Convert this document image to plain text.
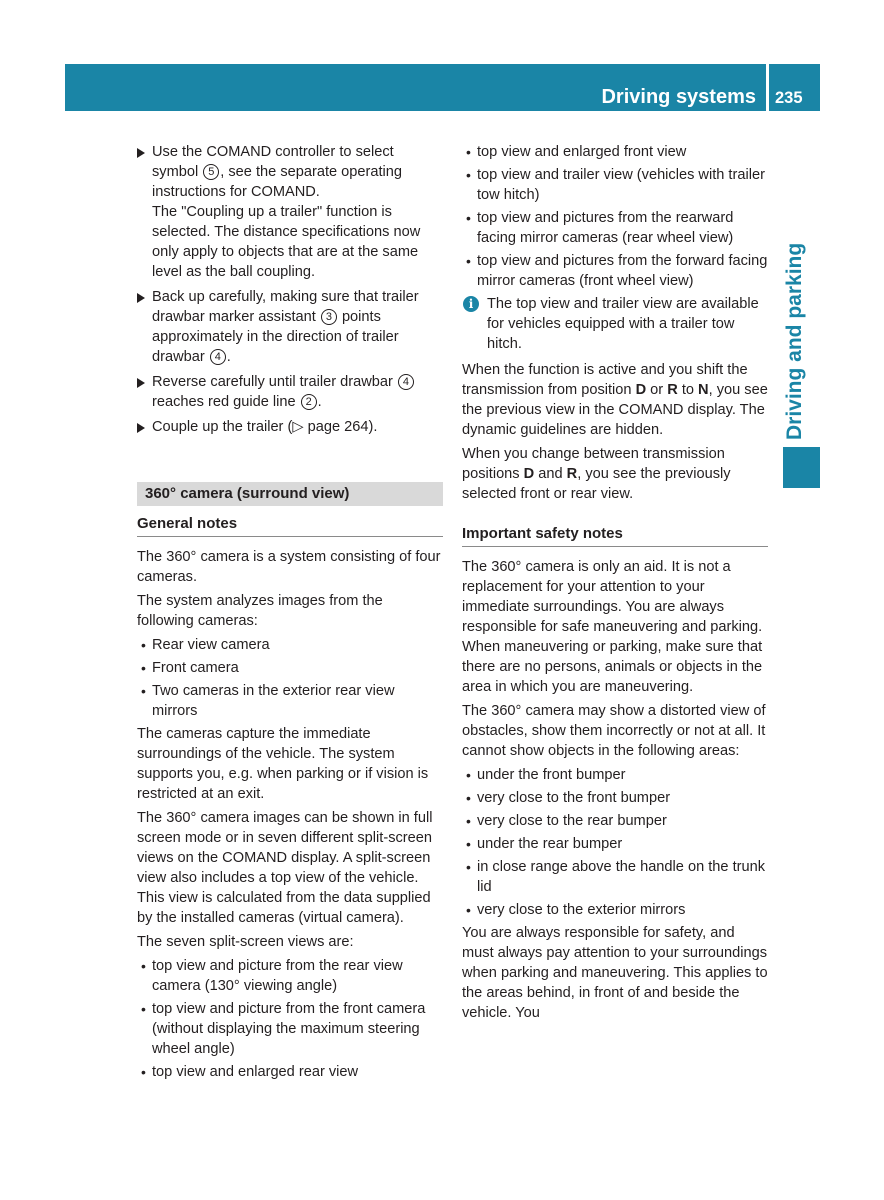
Driving systems 235
Driving and parking
Use the COMAND controller to select symbol 5 , see the separate operating instructions for COMAND.
The "Coupling up a trailer" function is selected. The distance specifications now only apply to objects that are at the same level as the ball coupling.
Back up carefully, making sure that trailer drawbar marker assistant 3 points approximately in the direction of trailer drawbar 4 .
Reverse carefully until trailer drawbar 4 reaches red guide line 2 .
Couple up the trailer (▷ page 264).
360° camera (surround view)
General notes

The 360° camera is a system consisting of four cameras.

The system analyzes images from the following cameras:

• Rear view camera
• Front camera
• Two cameras in the exterior rear view mirrors

The cameras capture the immediate surroundings of the vehicle. The system supports you, e.g. when parking or if vision is restricted at an exit.

The 360° camera images can be shown in full screen mode or in seven different split-screen views on the COMAND display. A split-screen view also includes a top view of the vehicle. This view is calculated from the data supplied by the installed cameras (virtual camera).

The seven split-screen views are:

• top view and picture from the rear view camera (130° viewing angle)
• top view and picture from the front camera (without displaying the maximum steering wheel angle)
• top view and enlarged rear view
• top view and enlarged front view
• top view and trailer view (vehicles with trailer tow hitch)
• top view and pictures from the rearward facing mirror cameras (rear wheel view)
• top view and pictures from the forward facing mirror cameras (front wheel view)
i The top view and trailer view are available for vehicles equipped with a trailer tow hitch.

When the function is active and you shift the transmission from position D or R to N, you see the previous view in the COMAND display. The dynamic guidelines are hidden.

When you change between transmission positions D and R, you see the previously selected front or rear view.

Important safety notes

The 360° camera is only an aid. It is not a replacement for your attention to your immediate surroundings. You are always responsible for safe maneuvering and parking. When maneuvering or parking, make sure that there are no persons, animals or objects in the area in which you are maneuvering.

The 360° camera may show a distorted view of obstacles, show them incorrectly or not at all. It cannot show objects in the following areas:

• under the front bumper
• very close to the front bumper
• very close to the rear bumper
• under the rear bumper
• in close range above the handle on the trunk lid
• very close to the exterior mirrors

You are always responsible for safety, and must always pay attention to your surroundings when parking and maneuvering. This applies to the areas behind, in front of and beside the vehicle. You
